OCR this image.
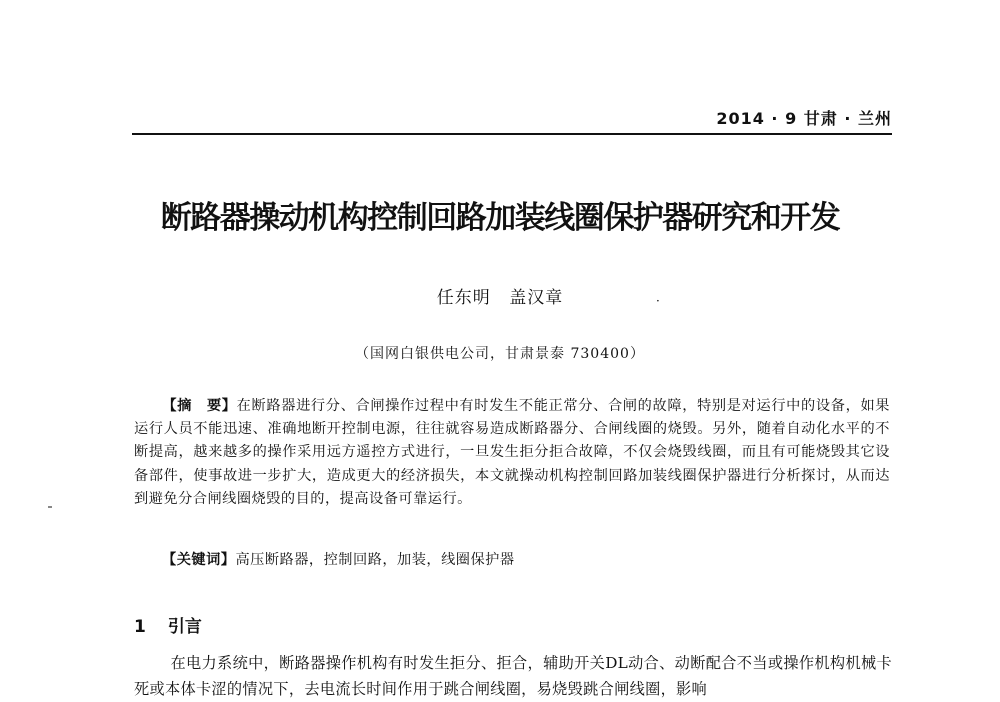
2014 · 9 甘肃 · 兰州
断路器操动机构控制回路加装线圈保护器研究和开发
任东明 盖汉章	·
（国网白银供电公司，甘肃景泰 730400）
【摘　要】在断路器进行分、合闸操作过程中有时发生不能正常分、合闸的故障，特别是对运行中的设备，如果运行人员不能迅速、准确地断开控制电源，往往就容易造成断路器分、合闸线圈的烧毁。另外，随着自动化水平的不断提高，越来越多的操作采用远方遥控方式进行，一旦发生拒分拒合故障，不仅会烧毁线圈，而且有可能烧毁其它设备部件，使事故进一步扩大，造成更大的经济损失，本文就操动机构控制回路加装线圈保护器进行分析探讨，从而达到避免分合闸线圈烧毁的目的，提高设备可靠运行。
【关键词】高压断路器，控制回路，加装，线圈保护器
1 引言
在电力系统中，断路器操作机构有时发生拒分、拒合，辅助开关DL动合、动断配合不当或操作机构机械卡死或本体卡涩的情况下，去电流长时间作用于跳合闸线圈，易烧毁跳合闸线圈，影响
